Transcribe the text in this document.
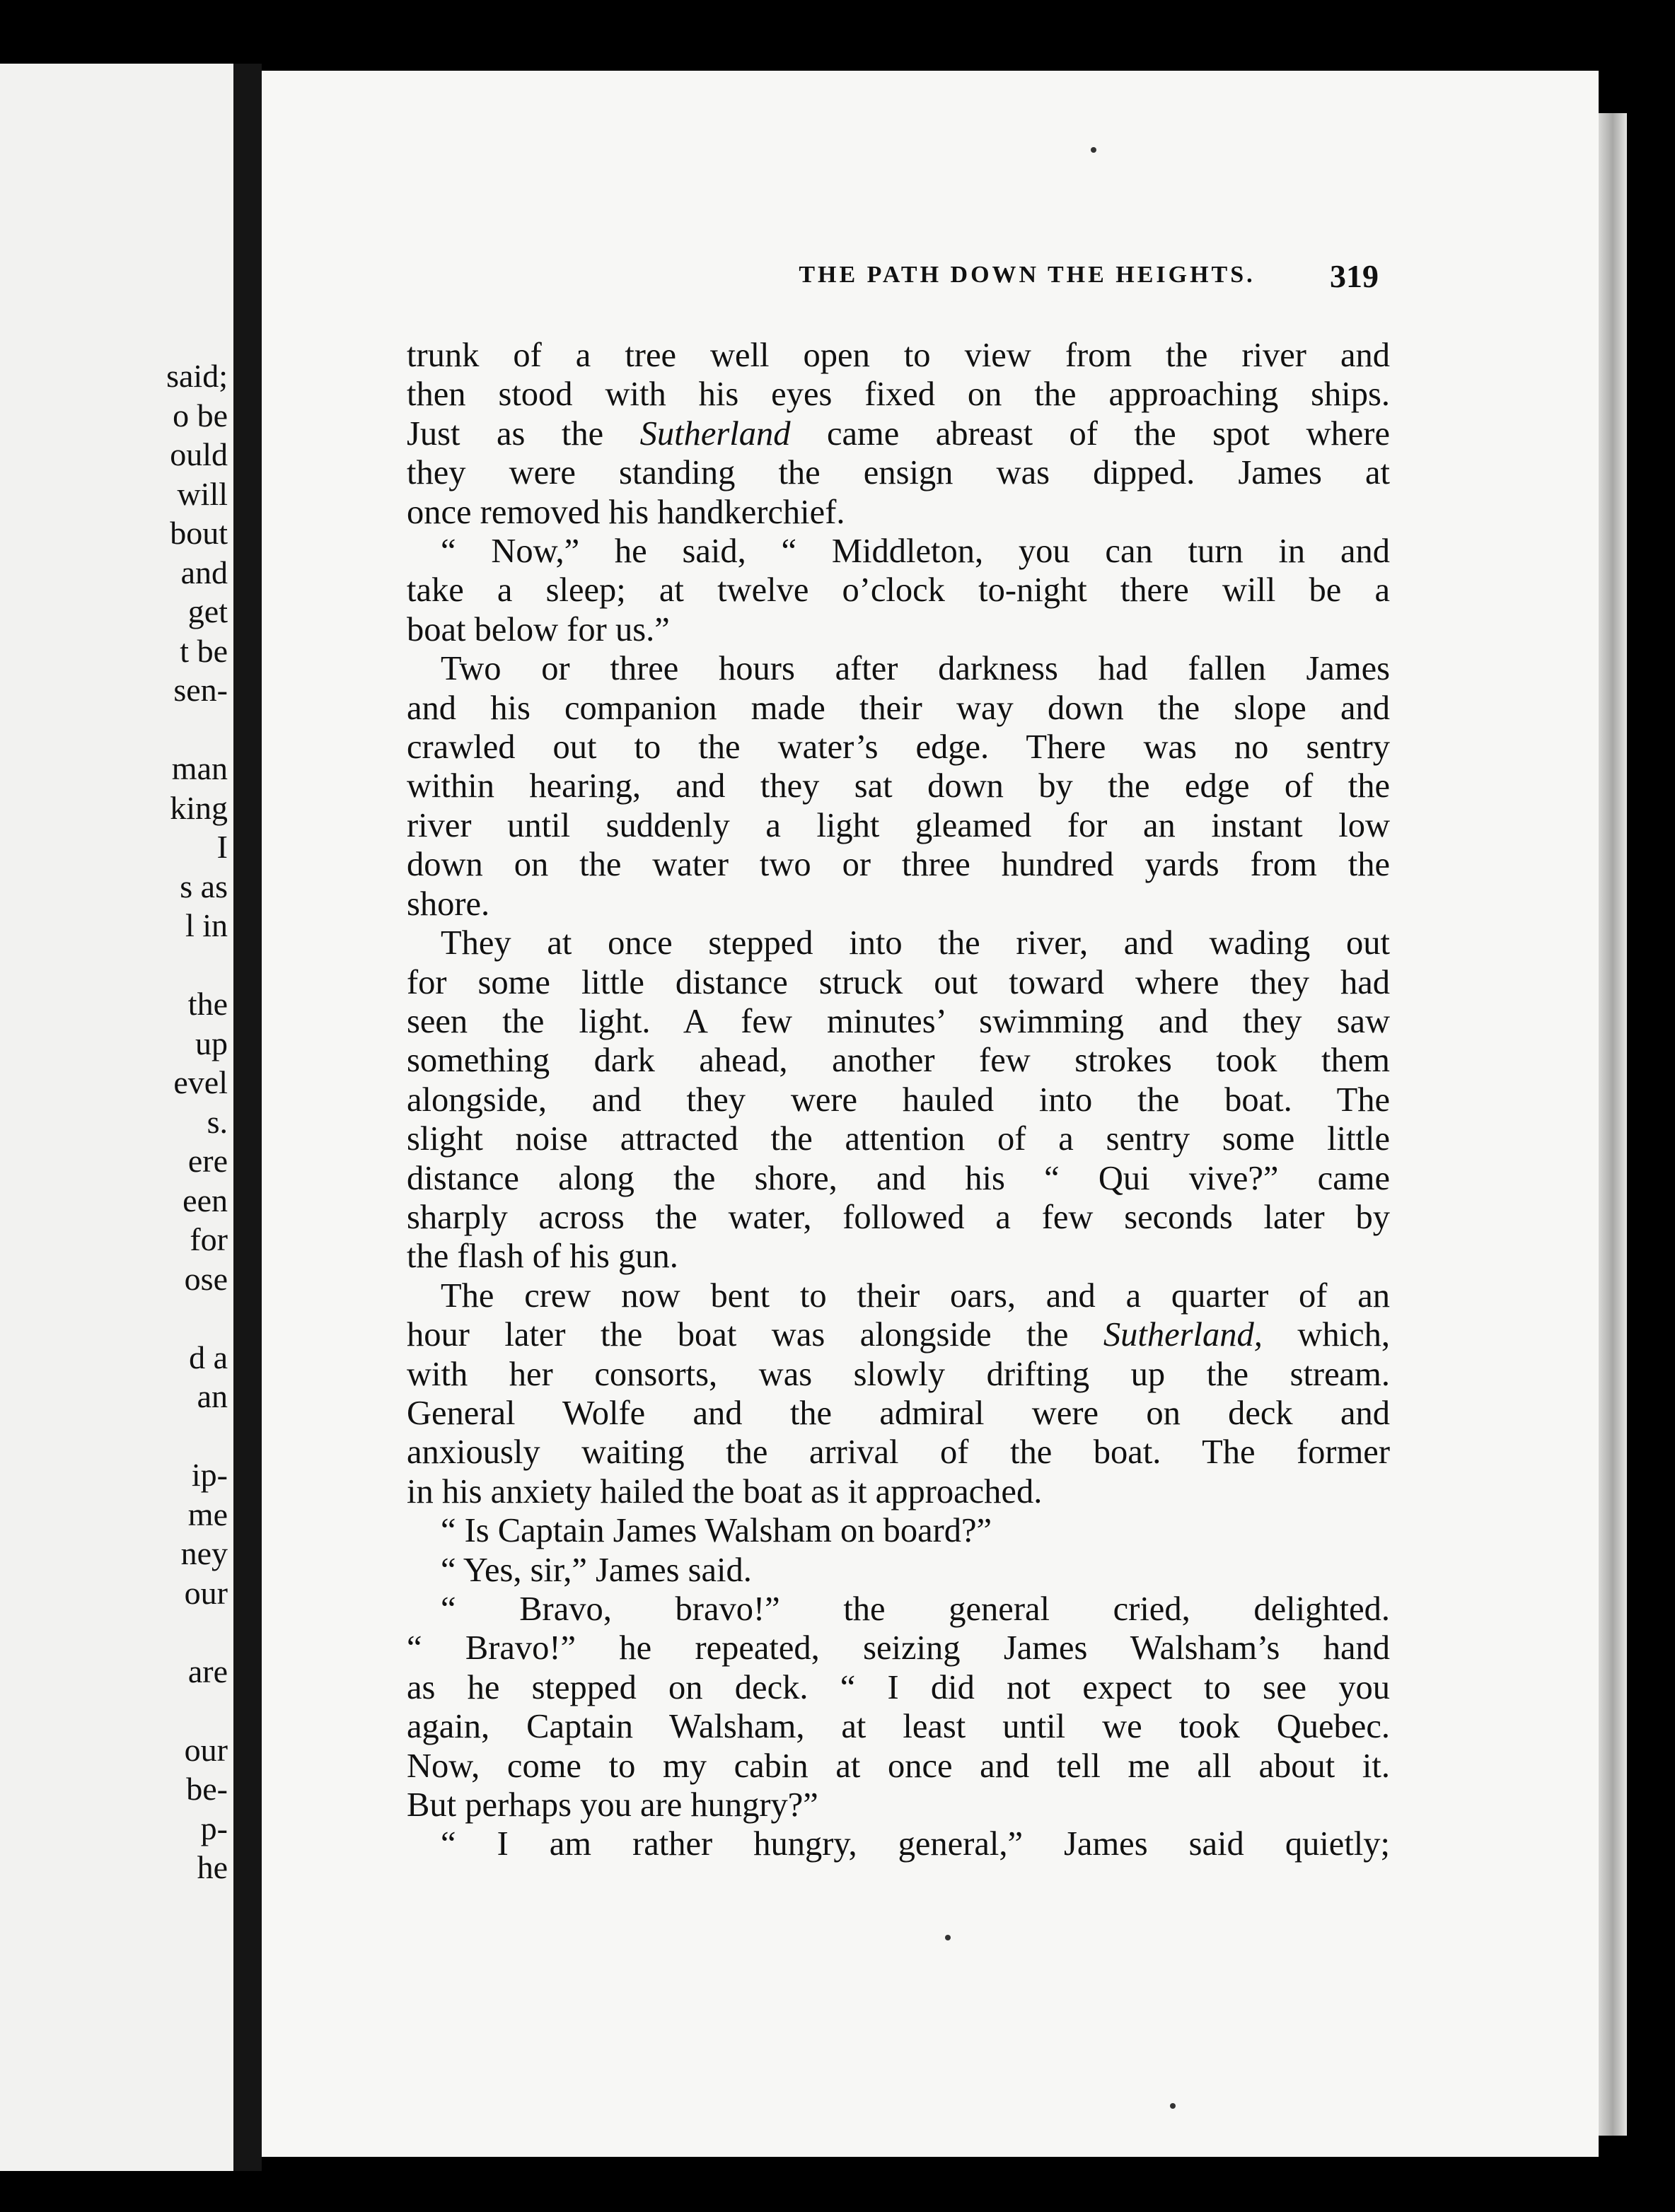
said;
o be
ould
will
bout
and
get
t be
sen-
man
king
I
s as
l in
the
up
evel
s.
ere
een
for
ose
d a
an
ip-
me
ney
our
are
our
be-
p-
he
THE PATH DOWN THE HEIGHTS.	319
trunk of a tree well open to view from the river and
then stood with his eyes fixed on the approaching ships.
Just as the Sutherland came abreast of the spot where
they were standing the ensign was dipped. James at
once removed his handkerchief.
“ Now,” he said, “ Middleton, you can turn in and
take a sleep; at twelve o’clock to-night there will be a
boat below for us.”
Two or three hours after darkness had fallen James
and his companion made their way down the slope and
crawled out to the water’s edge. There was no sentry
within hearing, and they sat down by the edge of the
river until suddenly a light gleamed for an instant low
down on the water two or three hundred yards from the
shore.
They at once stepped into the river, and wading out
for some little distance struck out toward where they had
seen the light. A few minutes’ swimming and they saw
something dark ahead, another few strokes took them
alongside, and they were hauled into the boat. The
slight noise attracted the attention of a sentry some little
distance along the shore, and his “ Qui vive?” came
sharply across the water, followed a few seconds later by
the flash of his gun.
The crew now bent to their oars, and a quarter of an
hour later the boat was alongside the Sutherland, which,
with her consorts, was slowly drifting up the stream.
General Wolfe and the admiral were on deck and
anxiously waiting the arrival of the boat. The former
in his anxiety hailed the boat as it approached.
“ Is Captain James Walsham on board?”
“ Yes, sir,” James said.
“ Bravo, bravo!” the general cried, delighted.
“ Bravo!” he repeated, seizing James Walsham’s hand
as he stepped on deck. “ I did not expect to see you
again, Captain Walsham, at least until we took Quebec.
Now, come to my cabin at once and tell me all about it.
But perhaps you are hungry?”
“ I am rather hungry, general,” James said quietly;
